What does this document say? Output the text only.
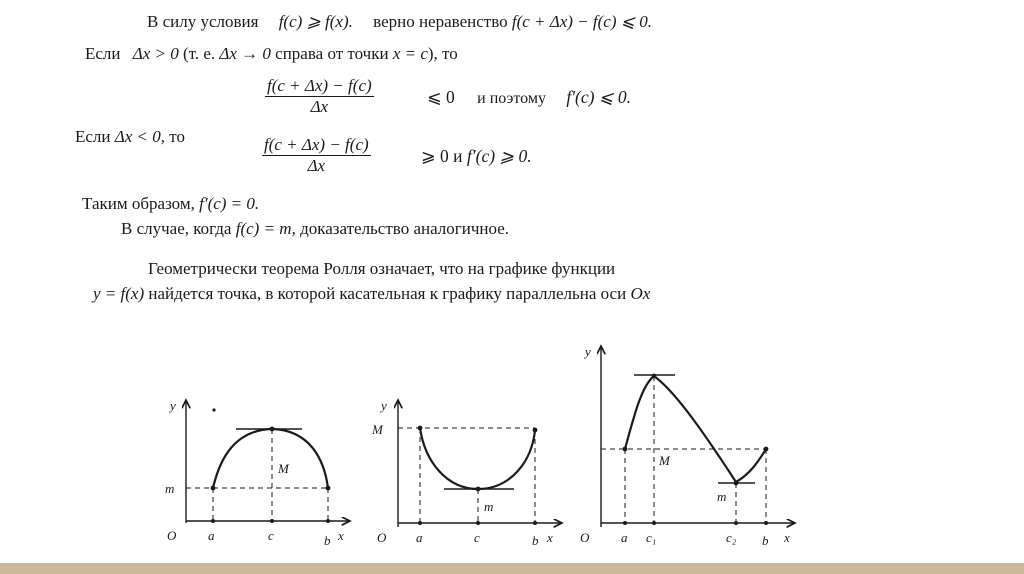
В силу условия f(c) ⩾ f(x). верно неравенство f(c + Δx) − f(c) ⩽ 0.
Если Δx > 0 (т. е. Δx → 0 справа от точки x = c), то
$\frac{f(c + \Delta x) - f(c)}{\Delta x}$	⩽ 0 и поэтому f′(c) ⩽ 0.
Если Δx < 0, то	$\frac{f(c + \Delta x) - f(c)}{\Delta x}$	⩾ 0 и f′(c) ⩾ 0.
Таким образом, f′(c) = 0.
В случае, когда f(c) = m, доказательство аналогичное.
Геометрически теорема Ролля означает, что на графике функции
y = f(x) найдется точка, в которой касательная к графику параллельна оси Ox
y
x
O
m
M
a	c	b
y
x
O
M
m
a	c	b
y
x
O
M
m
a c₁	c₂ b
